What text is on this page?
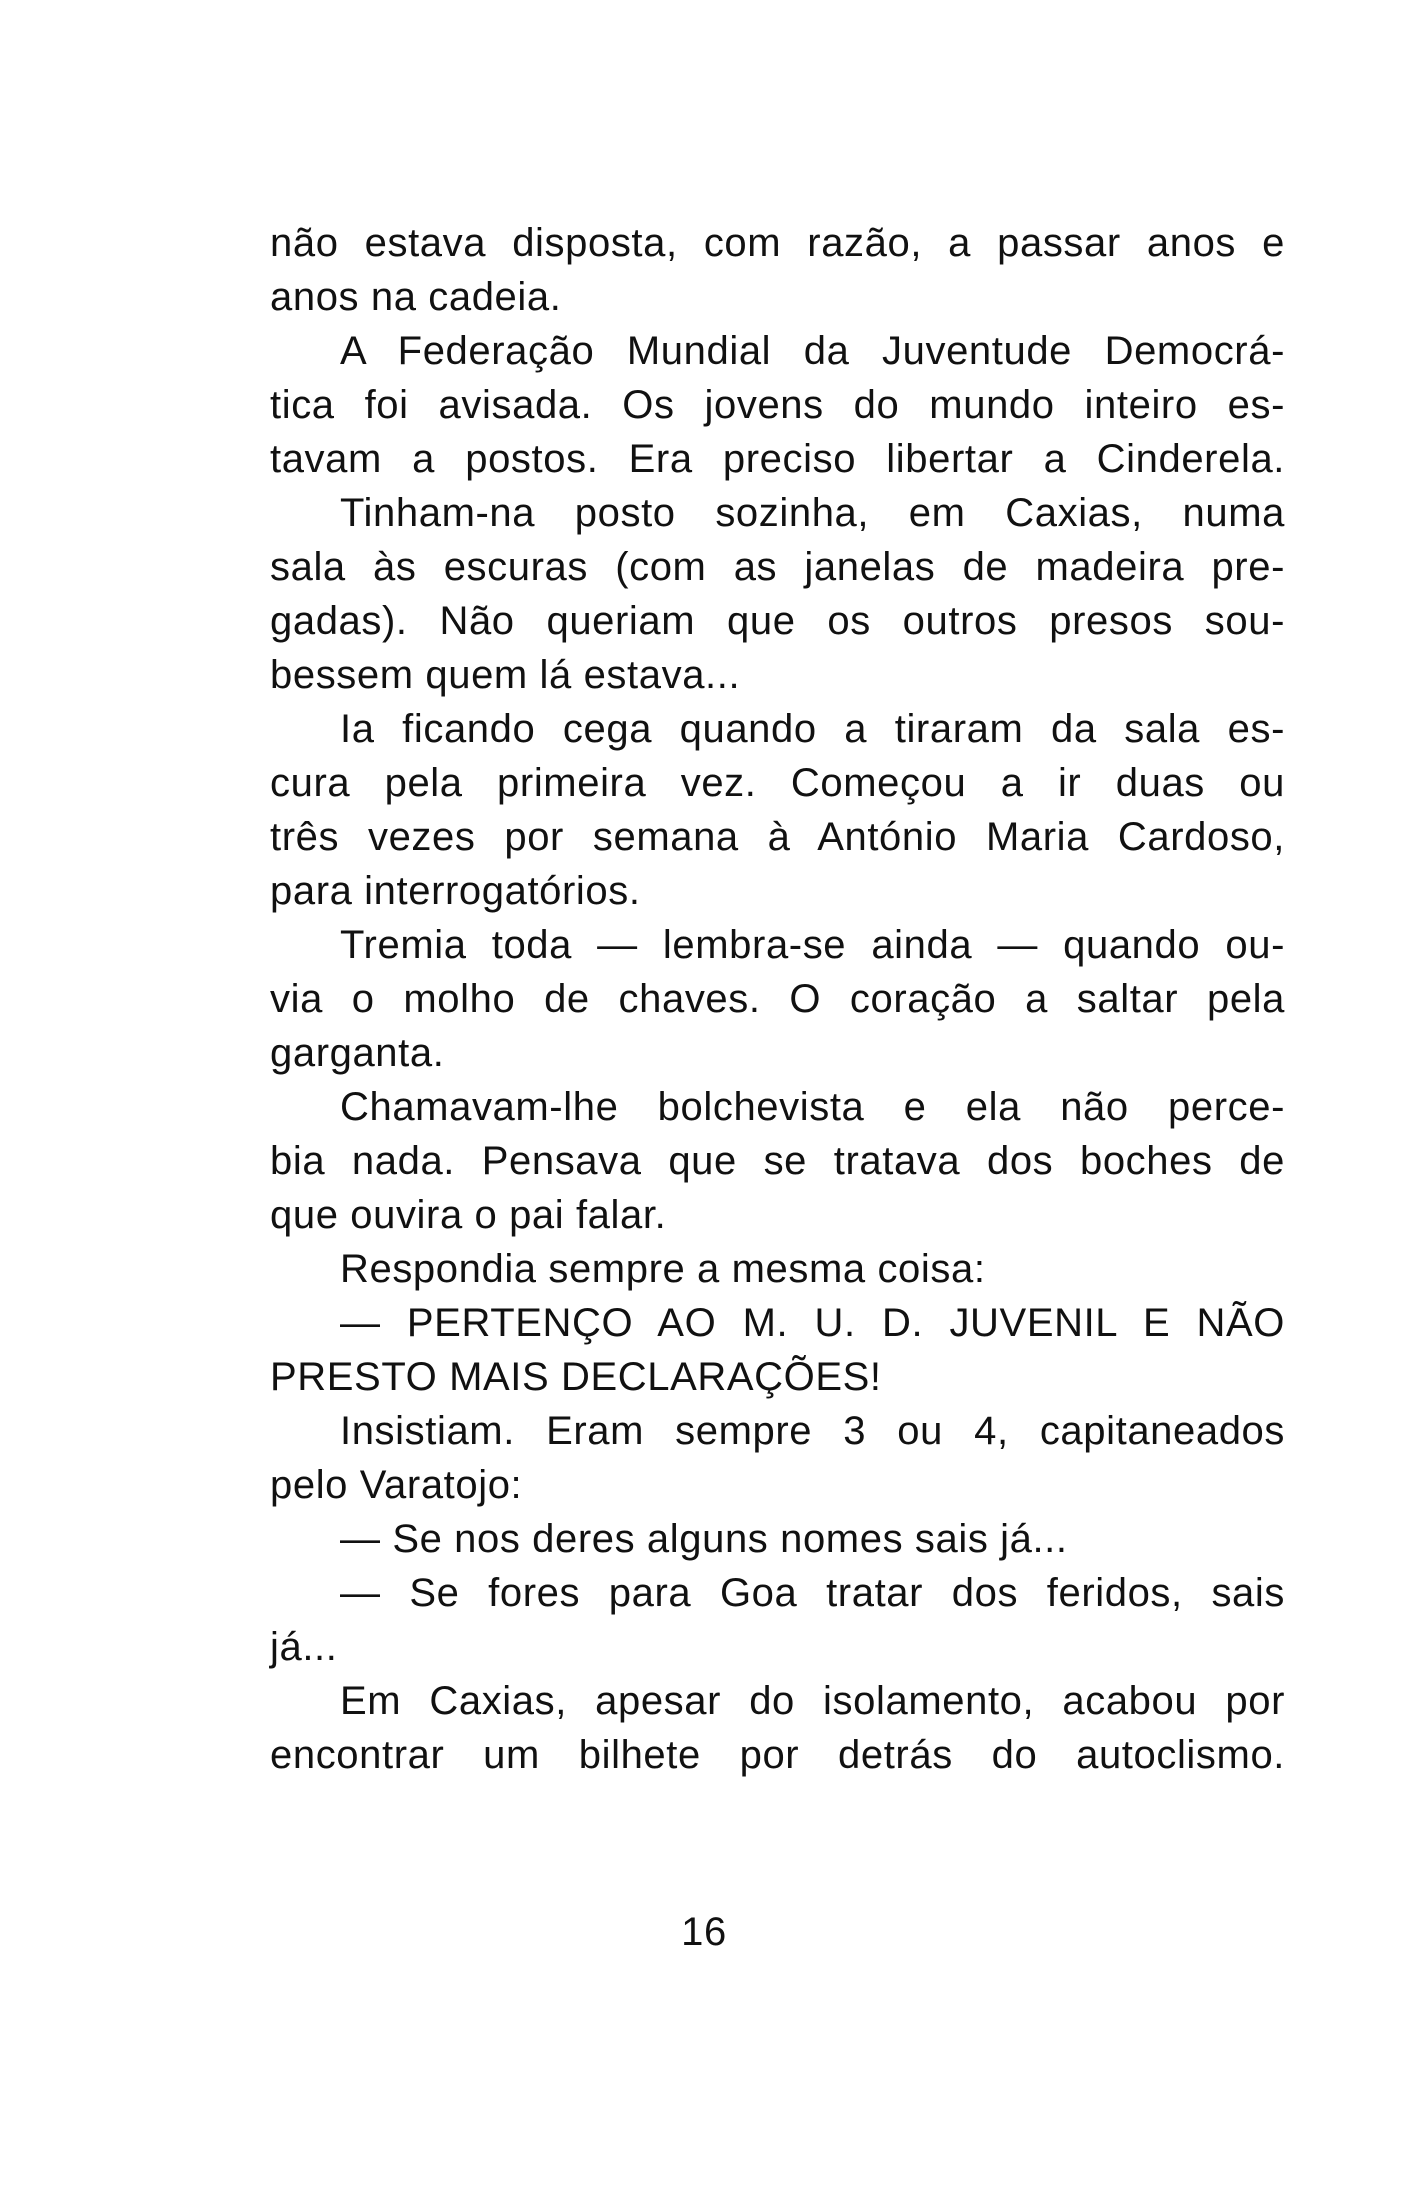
não estava disposta, com razão, a passar anos e
anos na cadeia.
A Federação Mundial da Juventude Democrá-
tica foi avisada. Os jovens do mundo inteiro es-
tavam a postos. Era preciso libertar a Cinderela.
Tinham-na posto sozinha, em Caxias, numa
sala às escuras (com as janelas de madeira pre-
gadas). Não queriam que os outros presos sou-
bessem quem lá estava...
Ia ficando cega quando a tiraram da sala es-
cura pela primeira vez. Começou a ir duas ou
três vezes por semana à António Maria Cardoso,
para interrogatórios.
Tremia toda — lembra-se ainda — quando ou-
via o molho de chaves. O coração a saltar pela
garganta.
Chamavam-lhe bolchevista e ela não perce-
bia nada. Pensava que se tratava dos boches de
que ouvira o pai falar.
Respondia sempre a mesma coisa:
— PERTENÇO AO M. U. D. JUVENIL E NÃO
PRESTO MAIS DECLARAÇÕES!
Insistiam. Eram sempre 3 ou 4, capitaneados
pelo Varatojo:
— Se nos deres alguns nomes sais já...
— Se fores para Goa tratar dos feridos, sais
já...
Em Caxias, apesar do isolamento, acabou por
encontrar um bilhete por detrás do autoclismo.
16
